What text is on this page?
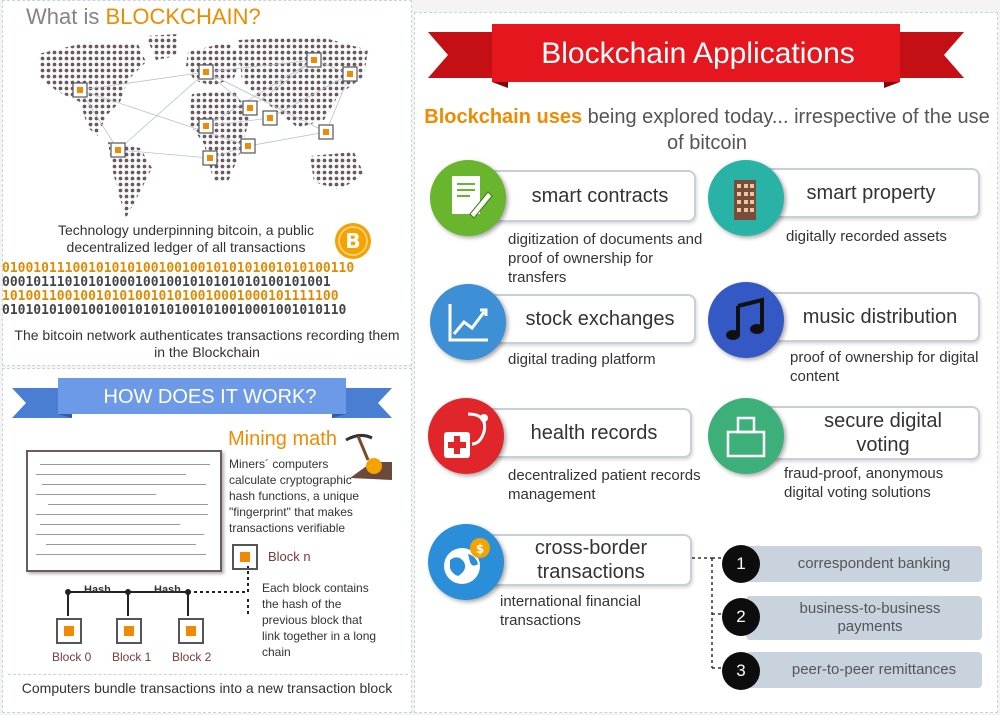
What is BLOCKCHAIN?
Technology underpinning bitcoin, a public decentralized ledger of all transactions	B
010010111001010101001001001010101001010100110
000101110101010001001001010101010100101001
1010011001001010100101010010001000101111100
01010101001001001010101001010010001001010110
The bitcoin network authenticates transactions recording them in the Blockchain
HOW DOES IT WORK?
Mining math
Miners´ computers calculate cryptographic hash functions, a unique "fingerprint" that makes transactions verifiable
Block n
Each block contains the hash of the previous block that link together in a long chain
Hash	Hash
Block 0 Block 1 Block 2
Computers bundle transactions into a new transaction block
Blockchain Applications
Blockchain uses being explored today... irrespective of the use of bitcoin
smart contracts
digitization of documents and proof of ownership for transfers
smart property
digitally recorded assets
stock exchanges
digital trading platform
music distribution
proof of ownership for digital content
health records
decentralized patient records management
secure digital voting
fraud-proof, anonymous digital voting solutions
cross-border transactions
$
international financial transactions
correspondent banking
1
business-to-business payments
2
peer-to-peer remittances
3
